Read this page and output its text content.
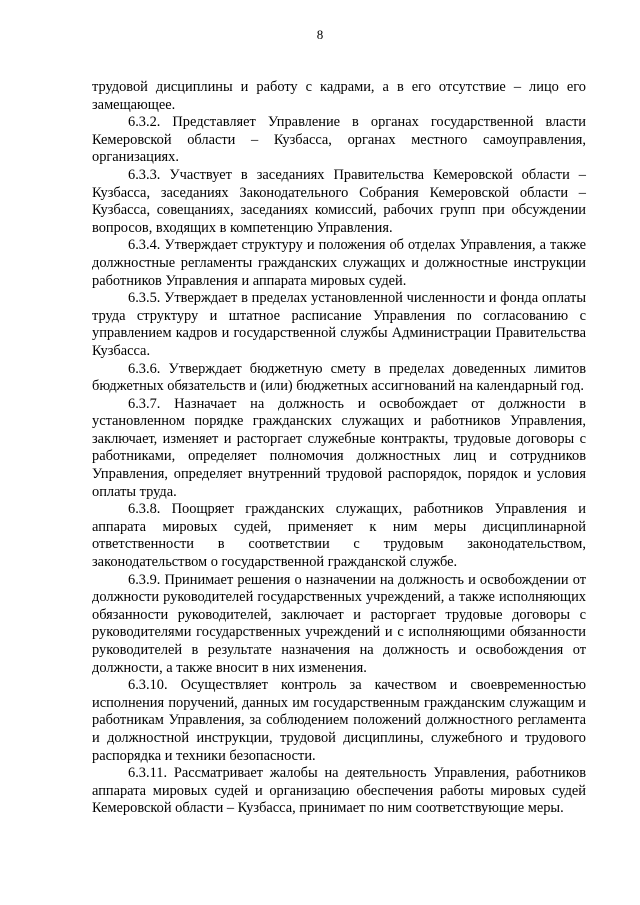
8

трудовой дисциплины и работу с кадрами, а в его отсутствие – лицо его замещающее.

6.3.2. Представляет Управление в органах государственной власти Кемеровской области – Кузбасса, органах местного самоуправления, организациях.

6.3.3. Участвует в заседаниях Правительства Кемеровской области – Кузбасса, заседаниях Законодательного Собрания Кемеровской области – Кузбасса, совещаниях, заседаниях комиссий, рабочих групп при обсуждении вопросов, входящих в компетенцию Управления.

6.3.4. Утверждает структуру и положения об отделах Управления, а также должностные регламенты гражданских служащих и должностные инструкции работников Управления и аппарата мировых судей.

6.3.5. Утверждает в пределах установленной численности и фонда оплаты труда структуру и штатное расписание Управления по согласованию с управлением кадров и государственной службы Администрации Правительства Кузбасса.

6.3.6. Утверждает бюджетную смету в пределах доведенных лимитов бюджетных обязательств и (или) бюджетных ассигнований на календарный год.

6.3.7. Назначает на должность и освобождает от должности в установленном порядке гражданских служащих и работников Управления, заключает, изменяет и расторгает служебные контракты, трудовые договоры с работниками, определяет полномочия должностных лиц и сотрудников Управления, определяет внутренний трудовой распорядок, порядок и условия оплаты труда.

6.3.8. Поощряет гражданских служащих, работников Управления и аппарата мировых судей, применяет к ним меры дисциплинарной ответственности в соответствии с трудовым законодательством, законодательством о государственной гражданской службе.

6.3.9. Принимает решения о назначении на должность и освобождении от должности руководителей государственных учреждений, а также исполняющих обязанности руководителей, заключает и расторгает трудовые договоры с руководителями государственных учреждений и с исполняющими обязанности руководителей в результате назначения на должность и освобождения от должности, а также вносит в них изменения.

6.3.10. Осуществляет контроль за качеством и своевременностью исполнения поручений, данных им государственным гражданским служащим и работникам Управления, за соблюдением положений должностного регламента и должностной инструкции, трудовой дисциплины, служебного и трудового распорядка и техники безопасности.

6.3.11. Рассматривает жалобы на деятельность Управления, работников аппарата мировых судей и организацию обеспечения работы мировых судей Кемеровской области – Кузбасса, принимает по ним соответствующие меры.
